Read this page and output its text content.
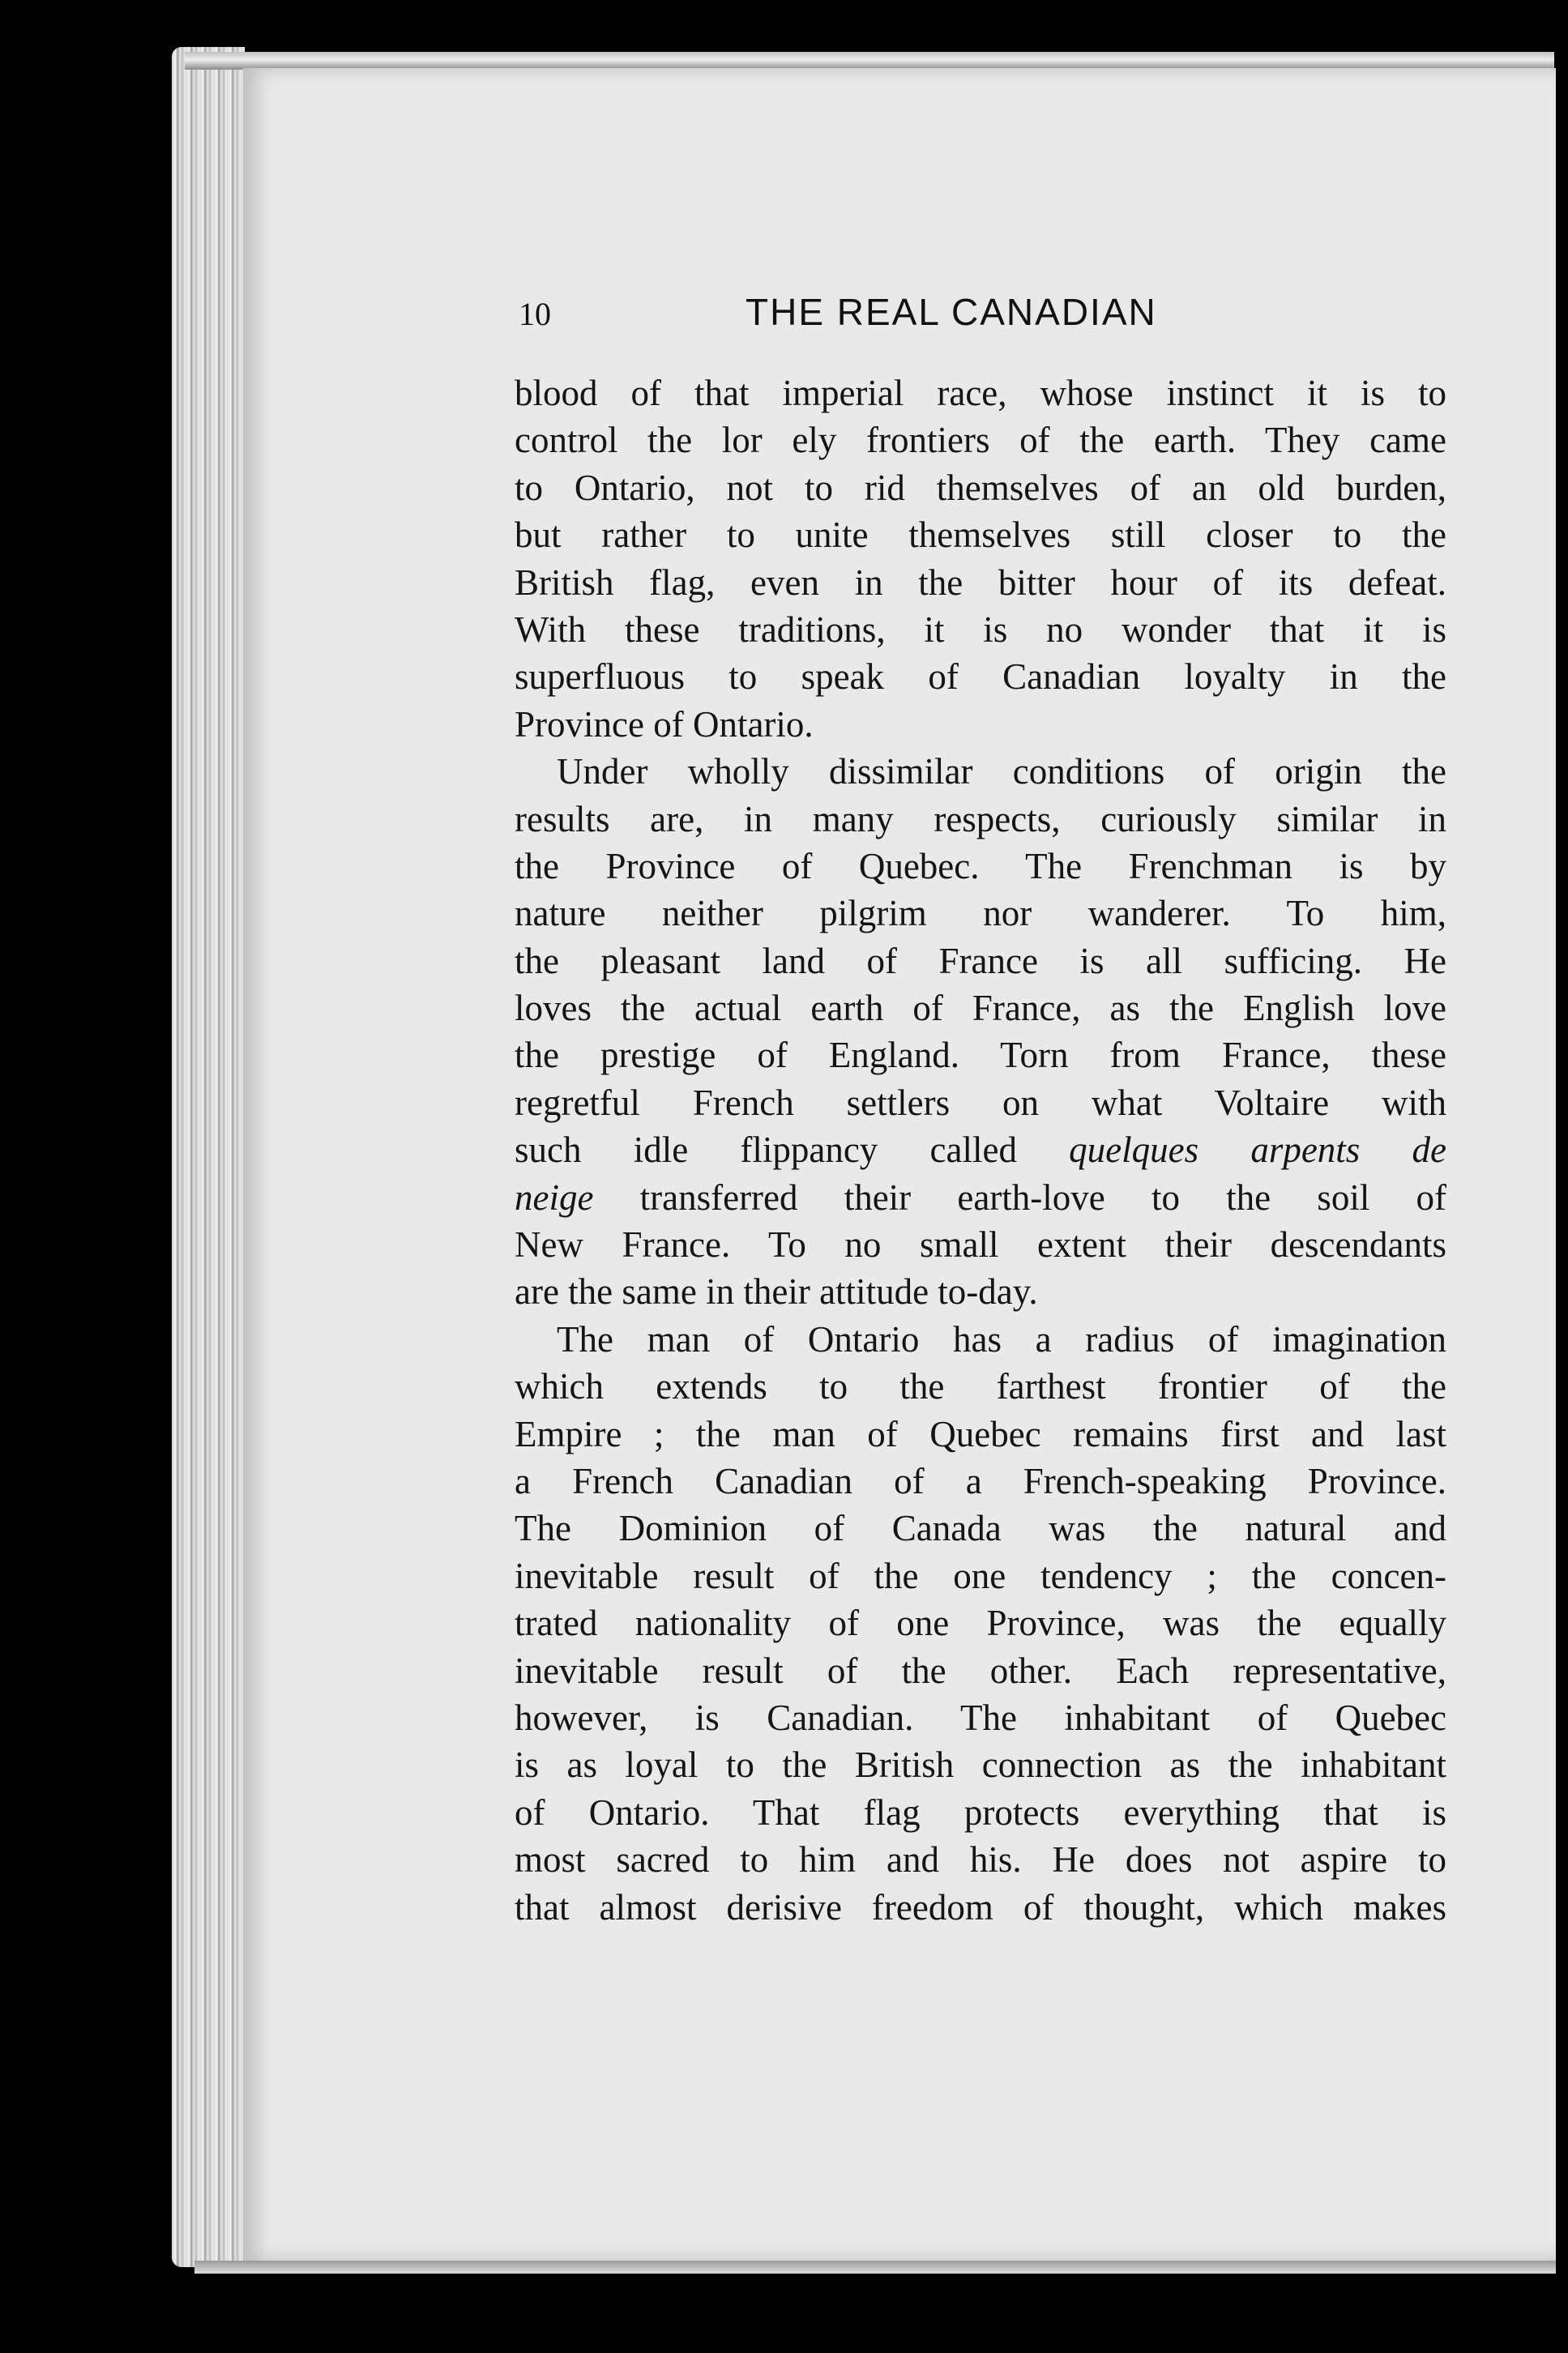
10	THE REAL CANADIAN
blood of that imperial race, whose instinct it is to
control the lor ely frontiers of the earth. They came
to Ontario, not to rid themselves of an old burden,
but rather to unite themselves still closer to the
British flag, even in the bitter hour of its defeat.
With these traditions, it is no wonder that it is
superfluous to speak of Canadian loyalty in the
Province of Ontario.
Under wholly dissimilar conditions of origin the
results are, in many respects, curiously similar in
the Province of Quebec. The Frenchman is by
nature neither pilgrim nor wanderer. To him,
the pleasant land of France is all sufficing. He
loves the actual earth of France, as the English love
the prestige of England. Torn from France, these
regretful French settlers on what Voltaire with
such idle flippancy called quelques arpents de
neige transferred their earth-love to the soil of
New France. To no small extent their descendants
are the same in their attitude to-day.
The man of Ontario has a radius of imagination
which extends to the farthest frontier of the
Empire ; the man of Quebec remains first and last
a French Canadian of a French-speaking Province.
The Dominion of Canada was the natural and
inevitable result of the one tendency ; the concen-
trated nationality of one Province, was the equally
inevitable result of the other. Each representative,
however, is Canadian. The inhabitant of Quebec
is as loyal to the British connection as the inhabitant
of Ontario. That flag protects everything that is
most sacred to him and his. He does not aspire to
that almost derisive freedom of thought, which makes
